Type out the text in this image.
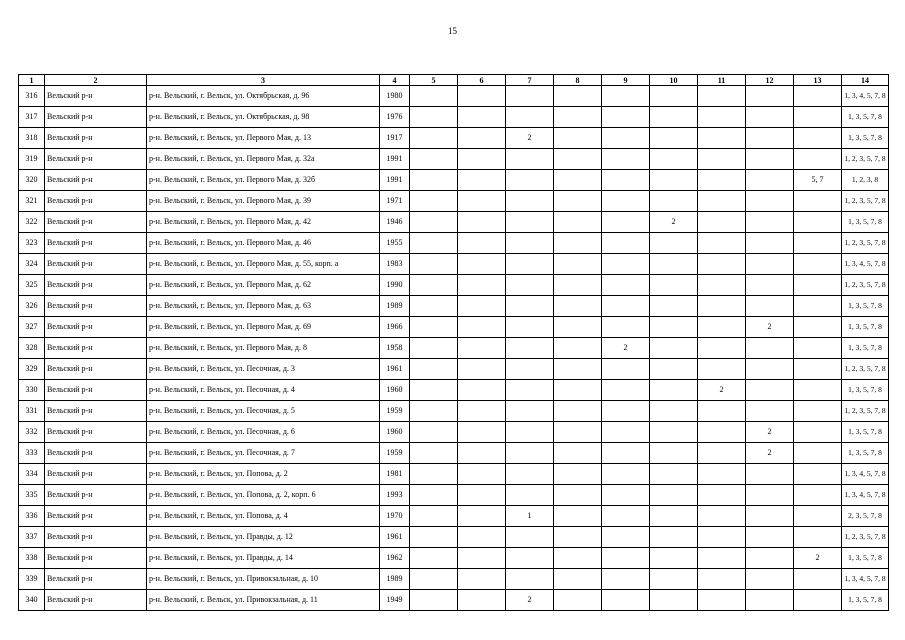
15
1	2	3	4	5	6	7	8	9	10	11	12	13	14
316	Вельский р-н	р-н. Вельский, г. Вельск, ул. Октябрьская, д. 96	1980										1, 3, 4, 5, 7, 8
317	Вельский р-н	р-н. Вельский, г. Вельск, ул. Октябрьская, д. 98	1976										1, 3, 5, 7, 8
318	Вельский р-н	р-н. Вельский, г. Вельск, ул. Первого Мая, д. 13	1917			2							1, 3, 5, 7, 8
319	Вельский р-н	р-н. Вельский, г. Вельск, ул. Первого Мая, д. 32а	1991										1, 2, 3, 5, 7, 8
320	Вельский р-н	р-н. Вельский, г. Вельск, ул. Первого Мая, д. 32б	1991									5, 7	1, 2, 3, 8
321	Вельский р-н	р-н. Вельский, г. Вельск, ул. Первого Мая, д. 39	1971										1, 2, 3, 5, 7, 8
322	Вельский р-н	р-н. Вельский, г. Вельск, ул. Первого Мая, д. 42	1946						2				1, 3, 5, 7, 8
323	Вельский р-н	р-н. Вельский, г. Вельск, ул. Первого Мая, д. 46	1955										1, 2, 3, 5, 7, 8
324	Вельский р-н	р-н. Вельский, г. Вельск, ул. Первого Мая, д. 55, корп. а	1983										1, 3, 4, 5, 7, 8
325	Вельский р-н	р-н. Вельский, г. Вельск, ул. Первого Мая, д. 62	1990										1, 2, 3, 5, 7, 8
326	Вельский р-н	р-н. Вельский, г. Вельск, ул. Первого Мая, д. 63	1989										1, 3, 5, 7, 8
327	Вельский р-н	р-н. Вельский, г. Вельск, ул. Первого Мая, д. 69	1966								2		1, 3, 5, 7, 8
328	Вельский р-н	р-н. Вельский, г. Вельск, ул. Первого Мая, д. 8	1958					2					1, 3, 5, 7, 8
329	Вельский р-н	р-н. Вельский, г. Вельск, ул. Песочная, д. 3	1961										1, 2, 3, 5, 7, 8
330	Вельский р-н	р-н. Вельский, г. Вельск, ул. Песочная, д. 4	1960							2			1, 3, 5, 7, 8
331	Вельский р-н	р-н. Вельский, г. Вельск, ул. Песочная, д. 5	1959										1, 2, 3, 5, 7, 8
332	Вельский р-н	р-н. Вельский, г. Вельск, ул. Песочная, д. 6	1960								2		1, 3, 5, 7, 8
333	Вельский р-н	р-н. Вельский, г. Вельск, ул. Песочная, д. 7	1959								2		1, 3, 5, 7, 8
334	Вельский р-н	р-н. Вельский, г. Вельск, ул. Попова, д. 2	1981										1, 3, 4, 5, 7, 8
335	Вельский р-н	р-н. Вельский, г. Вельск, ул. Попова, д. 2, корп. 6	1993										1, 3, 4, 5, 7, 8
336	Вельский р-н	р-н. Вельский, г. Вельск, ул. Попова, д. 4	1970			1							2, 3, 5, 7, 8
337	Вельский р-н	р-н. Вельский, г. Вельск, ул. Правды, д. 12	1961										1, 2, 3, 5, 7, 8
338	Вельский р-н	р-н. Вельский, г. Вельск, ул. Правды, д. 14	1962									2	1, 3, 5, 7, 8
339	Вельский р-н	р-н. Вельский, г. Вельск, ул. Привокзальная, д. 10	1989										1, 3, 4, 5, 7, 8
340	Вельский р-н	р-н. Вельский, г. Вельск, ул. Привокзальная, д. 11	1949			2							1, 3, 5, 7, 8
